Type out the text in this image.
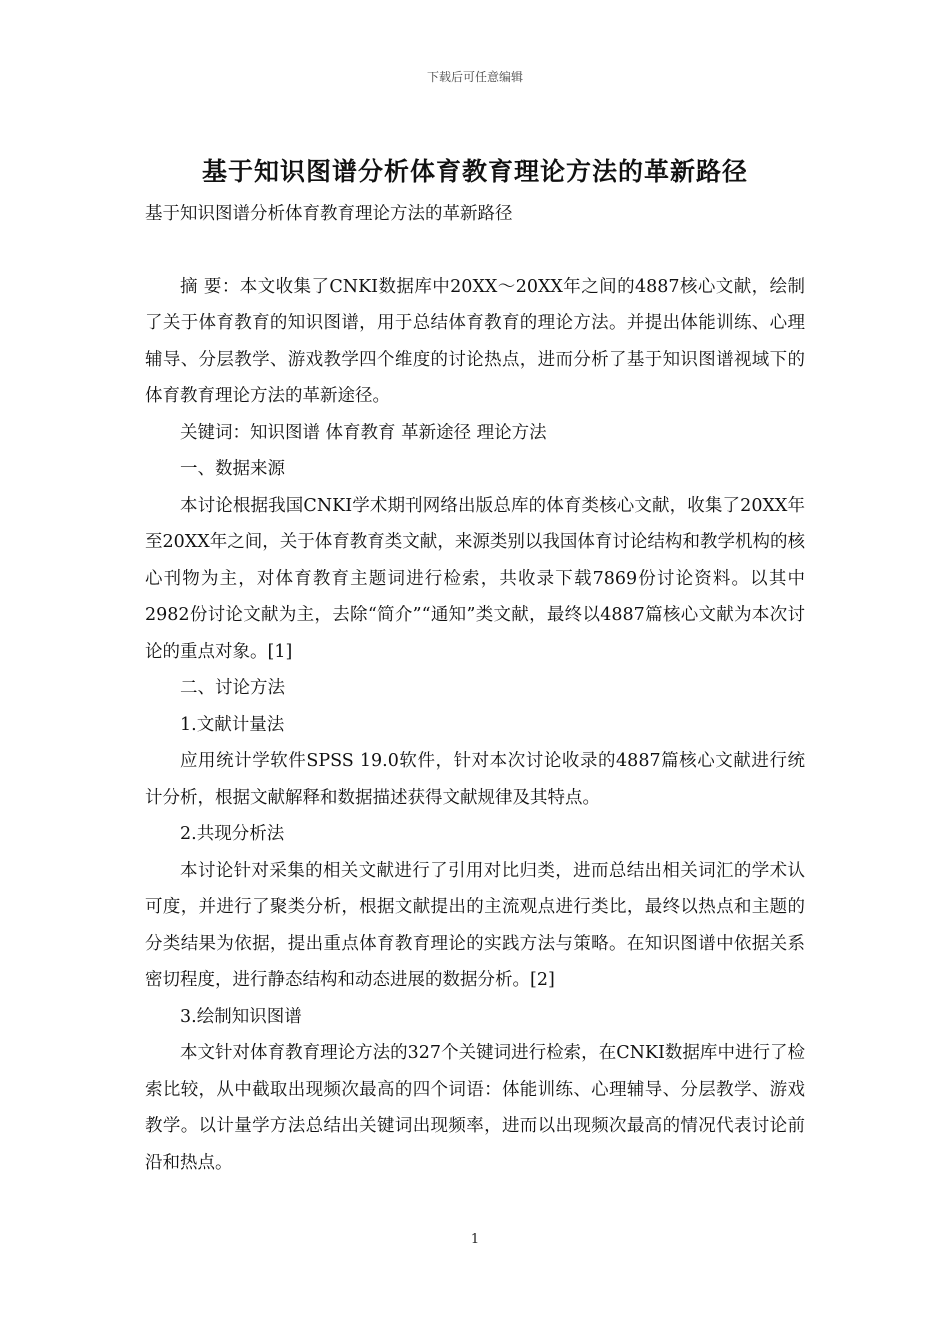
下载后可任意编辑
基于知识图谱分析体育教育理论方法的革新路径

基于知识图谱分析体育教育理论方法的革新路径

摘 要：本文收集了CNKI数据库中20XX～20XX年之间的4887核心文献，绘制了关于体育教育的知识图谱，用于总结体育教育的理论方法。并提出体能训练、心理辅导、分层教学、游戏教学四个维度的讨论热点，进而分析了基于知识图谱视域下的体育教育理论方法的革新途径。

关键词：知识图谱 体育教育 革新途径 理论方法

一、数据来源

本讨论根据我国CNKI学术期刊网络出版总库的体育类核心文献，收集了20XX年至20XX年之间，关于体育教育类文献，来源类别以我国体育讨论结构和教学机构的核心刊物为主，对体育教育主题词进行检索，共收录下载7869份讨论资料。以其中2982份讨论文献为主，去除“简介”“通知”类文献，最终以4887篇核心文献为本次讨论的重点对象。[1]

二、讨论方法

1.文献计量法

应用统计学软件SPSS 19.0软件，针对本次讨论收录的4887篇核心文献进行统计分析，根据文献解释和数据描述获得文献规律及其特点。

2.共现分析法

本讨论针对采集的相关文献进行了引用对比归类，进而总结出相关词汇的学术认可度，并进行了聚类分析，根据文献提出的主流观点进行类比，最终以热点和主题的分类结果为依据，提出重点体育教育理论的实践方法与策略。在知识图谱中依据关系密切程度，进行静态结构和动态进展的数据分析。[2]

3.绘制知识图谱

本文针对体育教育理论方法的327个关键词进行检索，在CNKI数据库中进行了检索比较，从中截取出现频次最高的四个词语：体能训练、心理辅导、分层教学、游戏教学。以计量学方法总结出关键词出现频率，进而以出现频次最高的情况代表讨论前沿和热点。

1
